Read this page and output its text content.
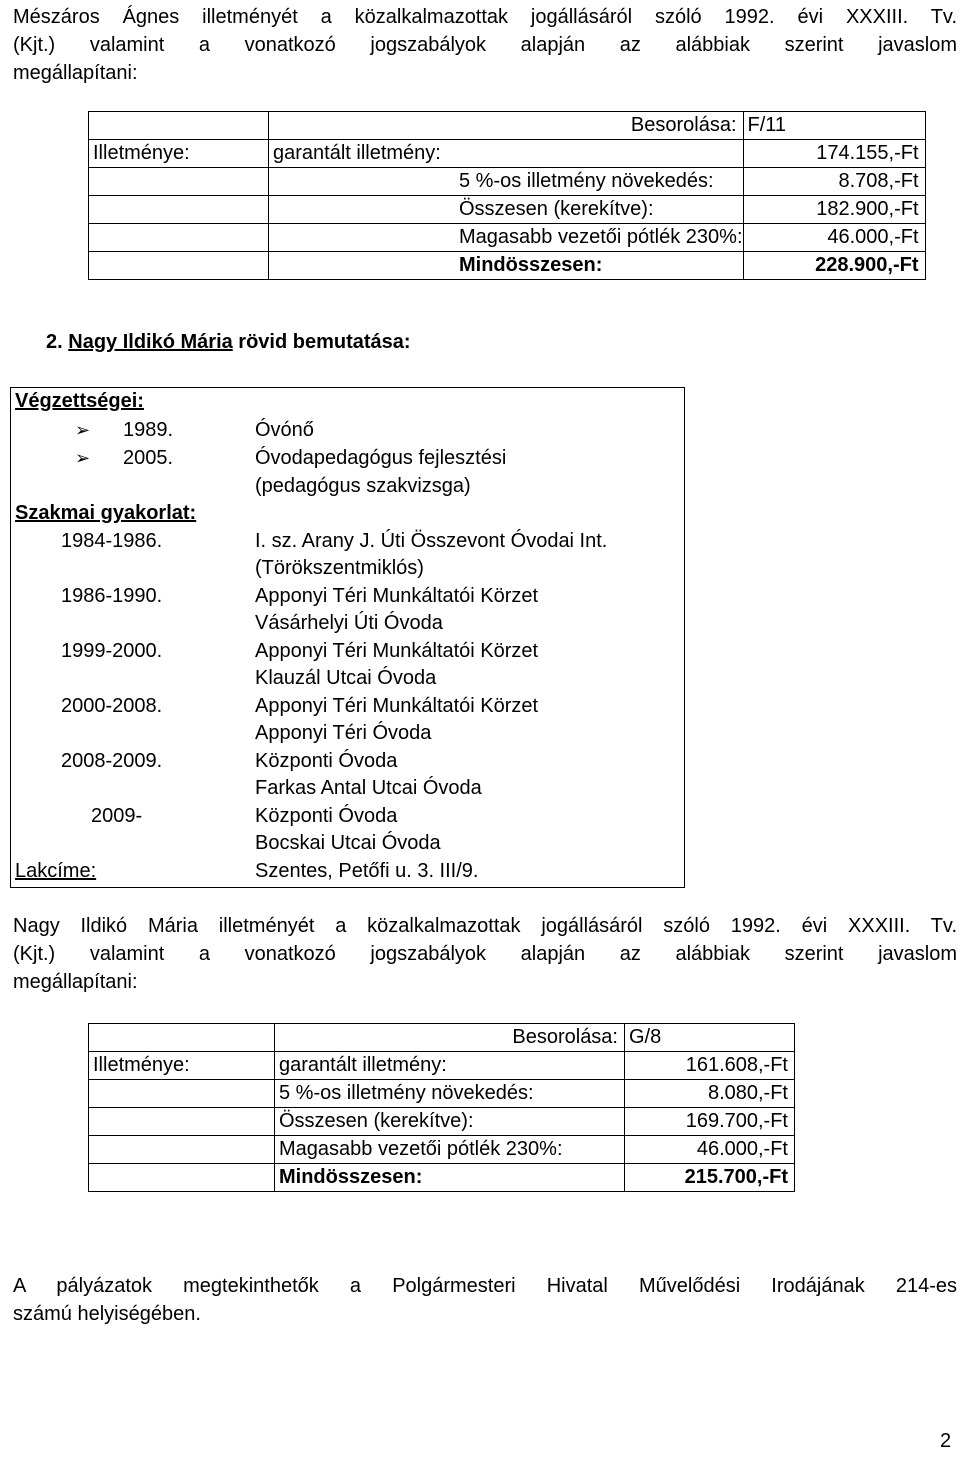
Mészáros Ágnes illetményét a közalkalmazottak jogállásáról szóló 1992. évi XXXIII. Tv.
(Kjt.) valamint a vonatkozó jogszabályok alapján az alábbiak szerint javaslom
megállapítani:
	Besorolása:	F/11
Illetménye:	garantált illetmény:	174.155,-Ft
	5 %-os illetmény növekedés:	8.708,-Ft
	Összesen (kerekítve):	182.900,-Ft
	Magasabb vezetői pótlék 230%:	46.000,-Ft
	Mindösszesen:	228.900,-Ft
2. Nagy Ildikó Mária rövid bemutatása:
Végzettségei:
➢ 1989.	Óvónő
➢ 2005.	Óvodapedagógus fejlesztési
(pedagógus szakvizsga)
Szakmai gyakorlat:
1984-1986.	I. sz. Arany J. Úti Összevont Óvodai Int.
(Törökszentmiklós)
1986-1990.	Apponyi Téri Munkáltatói Körzet
Vásárhelyi Úti Óvoda
1999-2000.	Apponyi Téri Munkáltatói Körzet
Klauzál Utcai Óvoda
2000-2008.	Apponyi Téri Munkáltatói Körzet
Apponyi Téri Óvoda
2008-2009.	Központi Óvoda
Farkas Antal Utcai Óvoda
2009-	Központi Óvoda
Bocskai Utcai Óvoda
Lakcíme:	Szentes, Petőfi u. 3. III/9.
Nagy Ildikó Mária illetményét a közalkalmazottak jogállásáról szóló 1992. évi XXXIII. Tv.
(Kjt.) valamint a vonatkozó jogszabályok alapján az alábbiak szerint javaslom
megállapítani:
	Besorolása:	G/8
Illetménye:	garantált illetmény:	161.608,-Ft
	5 %-os illetmény növekedés:	8.080,-Ft
	Összesen (kerekítve):	169.700,-Ft
	Magasabb vezetői pótlék 230%:	46.000,-Ft
	Mindösszesen:	215.700,-Ft
A pályázatok megtekinthetők a Polgármesteri Hivatal Művelődési Irodájának 214-es
számú helyiségében.
2
